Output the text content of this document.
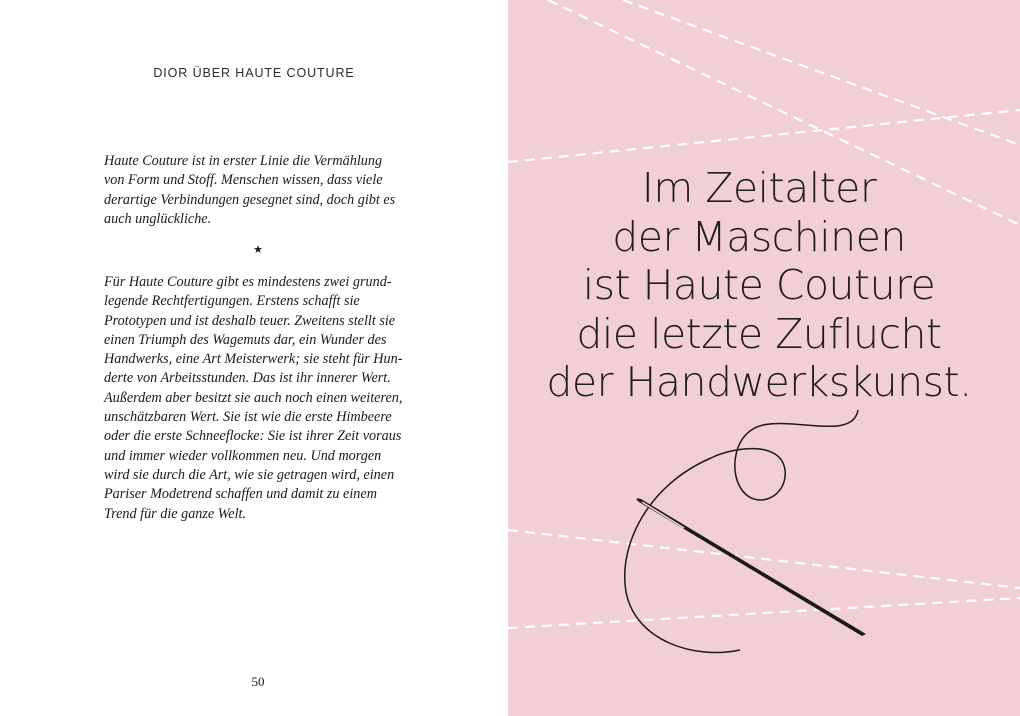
DIOR ÜBER HAUTE COUTURE

Haute Couture ist in erster Linie die Vermählung
von Form und Stoff. Menschen wissen, dass viele
derartige Verbindungen gesegnet sind, doch gibt es
auch unglückliche.

★

Für Haute Couture gibt es mindestens zwei grund-
legende Rechtfertigungen. Erstens schafft sie
Prototypen und ist deshalb teuer. Zweitens stellt sie
einen Triumph des Wagemuts dar, ein Wunder des
Handwerks, eine Art Meisterwerk; sie steht für Hun-
derte von Arbeitsstunden. Das ist ihr innerer Wert.
Außerdem aber besitzt sie auch noch einen weiteren,
unschätzbaren Wert. Sie ist wie die erste Himbeere
oder die erste Schneeflocke: Sie ist ihrer Zeit voraus
und immer wieder vollkommen neu. Und morgen
wird sie durch die Art, wie sie getragen wird, einen
Pariser Modetrend schaffen und damit zu einem
Trend für die ganze Welt.

50
Im Zeitalter
der Maschinen
ist Haute Couture
die letzte Zuflucht
der Handwerkskunst.
